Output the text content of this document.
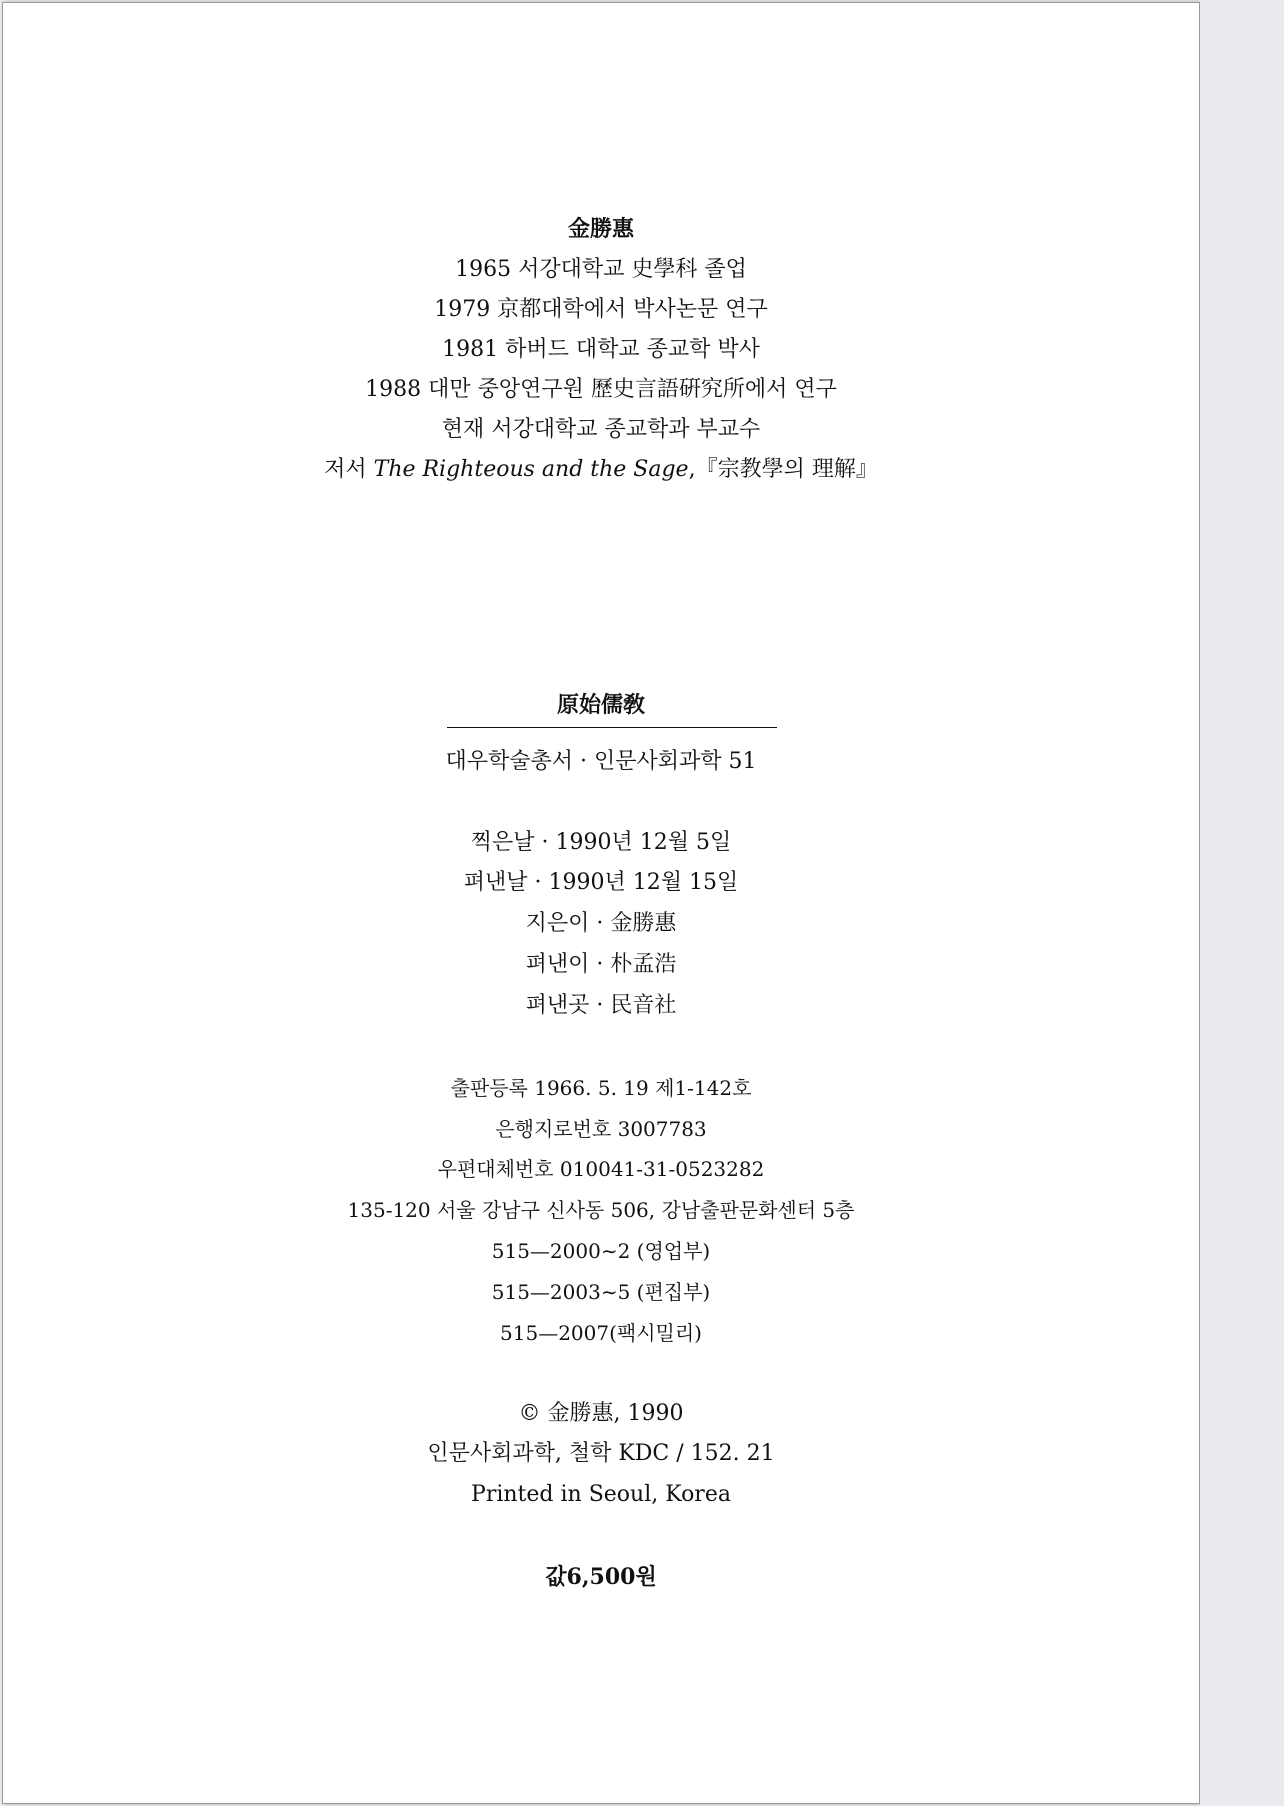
金勝惠
1965 서강대학교 史學科 졸업
1979 京都대학에서 박사논문 연구
1981 하버드 대학교 종교학 박사
1988 대만 중앙연구원 歷史言語硏究所에서 연구
현재 서강대학교 종교학과 부교수
저서 The Righteous and the Sage,『宗教學의 理解』
原始儒敎
대우학술총서 · 인문사회과학 51
찍은날 · 1990년 12월 5일
펴낸날 · 1990년 12월 15일
지은이 · 金勝惠
펴낸이 · 朴孟浩
펴낸곳 · 民音社
출판등록 1966. 5. 19 제1-142호
은행지로번호 3007783
우편대체번호 010041-31-0523282
135-120 서울 강남구 신사동 506, 강남출판문화센터 5층
515—2000∼2 (영업부)
515—2003∼5 (편집부)
515—2007(팩시밀리)
© 金勝惠, 1990
인문사회과학, 철학 KDC / 152. 21
Printed in Seoul, Korea
값6,500원
